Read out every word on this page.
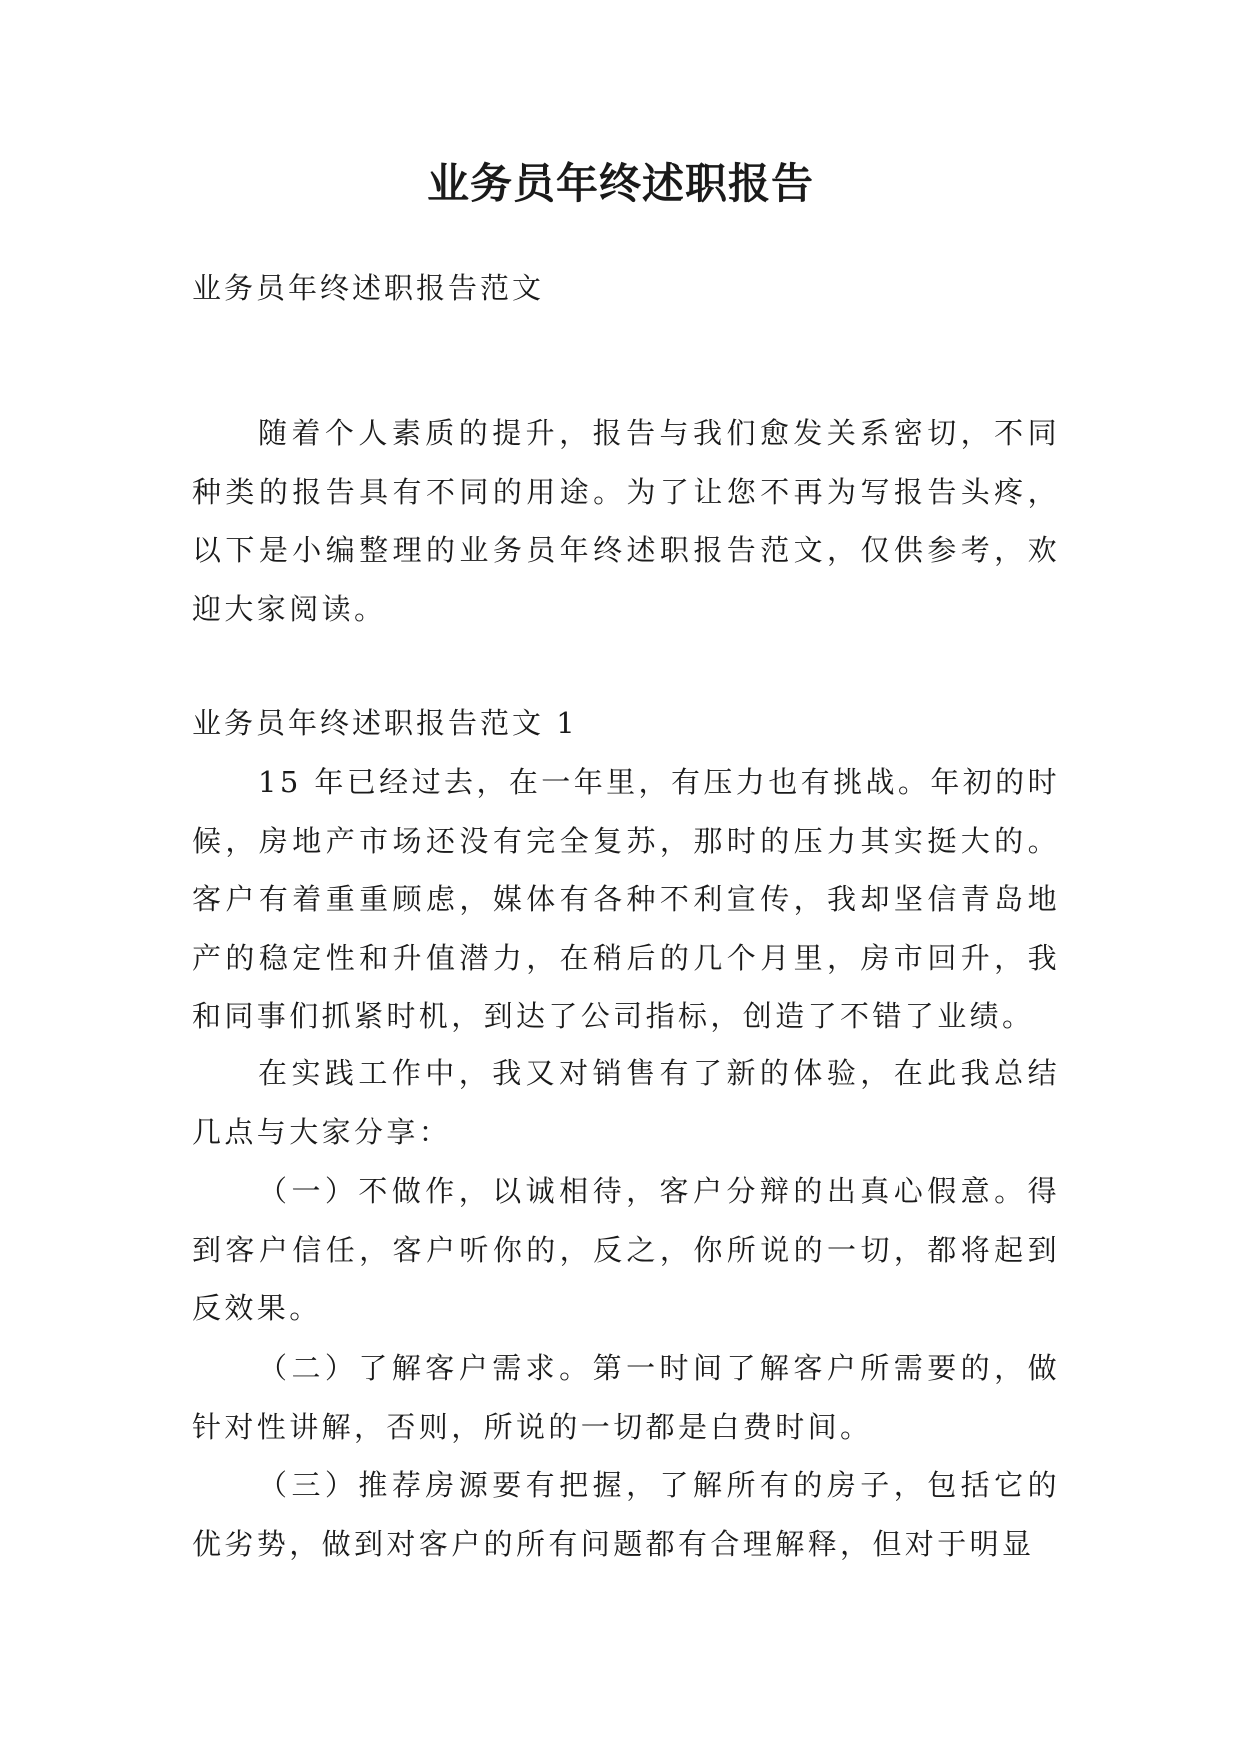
业务员年终述职报告

业务员年终述职报告范文

随着个人素质的提升，报告与我们愈发关系密切，不同种类的报告具有不同的用途。为了让您不再为写报告头疼，以下是小编整理的业务员年终述职报告范文，仅供参考，欢迎大家阅读。

业务员年终述职报告范文 1

15 年已经过去，在一年里，有压力也有挑战。年初的时候，房地产市场还没有完全复苏，那时的压力其实挺大的。客户有着重重顾虑，媒体有各种不利宣传，我却坚信青岛地产的稳定性和升值潜力，在稍后的几个月里，房市回升，我和同事们抓紧时机，到达了公司指标，创造了不错了业绩。

在实践工作中，我又对销售有了新的体验，在此我总结几点与大家分享：

（一）不做作，以诚相待，客户分辩的出真心假意。得到客户信任，客户听你的，反之，你所说的一切，都将起到反效果。

（二）了解客户需求。第一时间了解客户所需要的，做针对性讲解，否则，所说的一切都是白费时间。

（三）推荐房源要有把握，了解所有的房子，包括它的优劣势，做到对客户的所有问题都有合理解释，但对于明显
